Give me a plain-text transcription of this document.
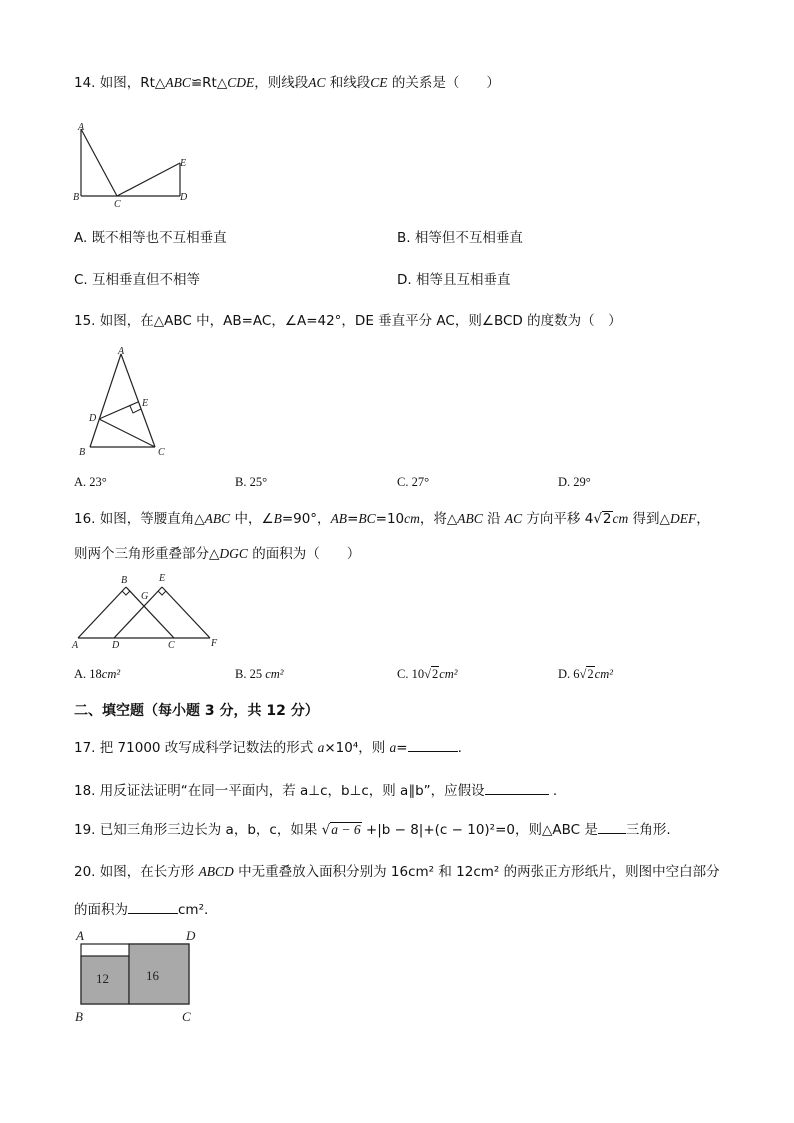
14. 如图，Rt△ABC≌Rt△CDE，则线段AC 和线段CE 的关系是（　　）
A
B
C
D
E
A. 既不相等也不互相垂直	B. 相等但不互相垂直
C. 互相垂直但不相等	D. 相等且互相垂直
15. 如图，在△ABC 中，AB=AC，∠A=42°，DE 垂直平分 AC，则∠BCD 的度数为（　）
A
D
E
B	C
A. 23°	B. 25°	C. 27°	D. 29°
16. 如图，等腰直角△ABC 中，∠B=90°，AB=BC=10cm，将△ABC 沿 AC 方向平移 4√2cm 得到△DEF，
则两个三角形重叠部分△DGC 的面积为（　　）
B	E
G
A	D	C	F
A. 18cm²	B. 25 cm²	C. 10√2cm²	D. 6√2cm²
二、填空题（每小题 3 分，共 12 分）
17. 把 71000 改写成科学记数法的形式 a×10⁴，则 a=	.
18. 用反证法证明“在同一平面内，若 a⊥c，b⊥c，则 a∥b”，应假设	.
19. 已知三角形三边长为 a，b，c，如果 √a − 6 +|b − 8|+(c − 10)²=0，则△ABC 是 三角形.
20. 如图，在长方形 ABCD 中无重叠放入面积分别为 16cm² 和 12cm² 的两张正方形纸片，则图中空白部分
的面积为	cm².
12	16
A	D
B	C
